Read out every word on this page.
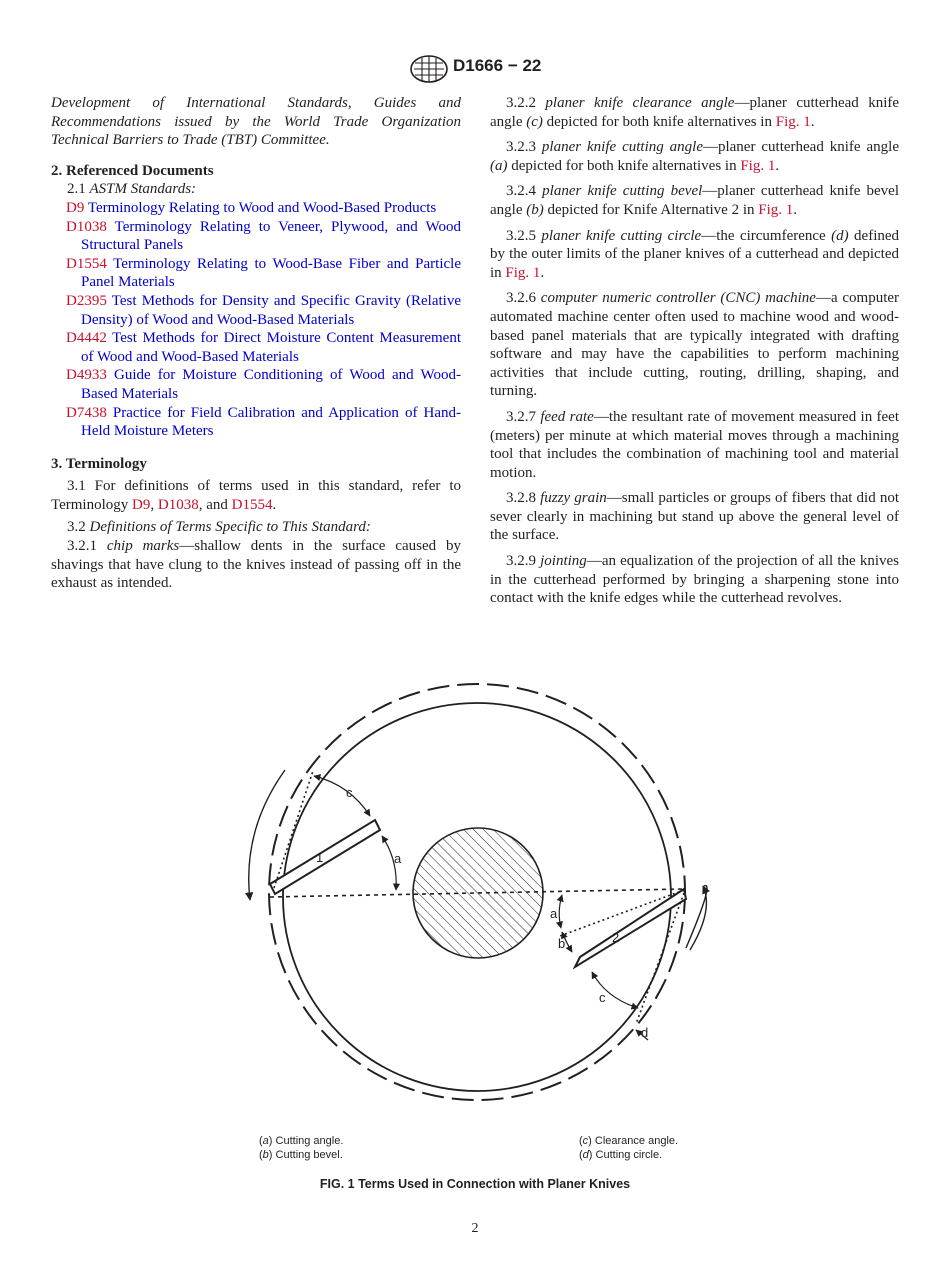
D1666 − 22

Development of International Standards, Guides and Recommendations issued by the World Trade Organization Technical Barriers to Trade (TBT) Committee.

2. Referenced Documents

2.1 ASTM Standards:

D9 Terminology Relating to Wood and Wood-Based Products

D1038 Terminology Relating to Veneer, Plywood, and Wood Structural Panels

D1554 Terminology Relating to Wood-Base Fiber and Particle Panel Materials

D2395 Test Methods for Density and Specific Gravity (Relative Density) of Wood and Wood-Based Materials

D4442 Test Methods for Direct Moisture Content Measurement of Wood and Wood-Based Materials

D4933 Guide for Moisture Conditioning of Wood and Wood-Based Materials

D7438 Practice for Field Calibration and Application of Hand-Held Moisture Meters

3. Terminology

3.1 For definitions of terms used in this standard, refer to Terminology D9, D1038, and D1554.

3.2 Definitions of Terms Specific to This Standard:

3.2.1 chip marks—shallow dents in the surface caused by shavings that have clung to the knives instead of passing off in the exhaust as intended.

3.2.2 planer knife clearance angle—planer cutterhead knife angle (c) depicted for both knife alternatives in Fig. 1.

3.2.3 planer knife cutting angle—planer cutterhead knife angle (a) depicted for both knife alternatives in Fig. 1.

3.2.4 planer knife cutting bevel—planer cutterhead knife bevel angle (b) depicted for Knife Alternative 2 in Fig. 1.

3.2.5 planer knife cutting circle—the circumference (d) defined by the outer limits of the planer knives of a cutterhead and depicted in Fig. 1.

3.2.6 computer numeric controller (CNC) machine—a computer automated machine center often used to machine wood and wood-based panel materials that are typically integrated with drafting software and may have the capabilities to perform machining activities that include cutting, routing, drilling, shaping, and turning.

3.2.7 feed rate—the resultant rate of movement measured in feet (meters) per minute at which material moves through a machining tool that includes the combination of machining tool and material motion.

3.2.8 fuzzy grain—small particles or groups of fibers that did not sever clearly in machining but stand up above the general level of the surface.

3.2.9 jointing—an equalization of the projection of all the knives in the cutterhead performed by bringing a sharpening stone into contact with the knife edges while the cutterhead revolves.

c
a
1
a
b	2
c
d
(a) Cutting angle.
(b) Cutting bevel.
(c) Clearance angle.
(d) Cutting circle.
FIG. 1 Terms Used in Connection with Planer Knives
2
